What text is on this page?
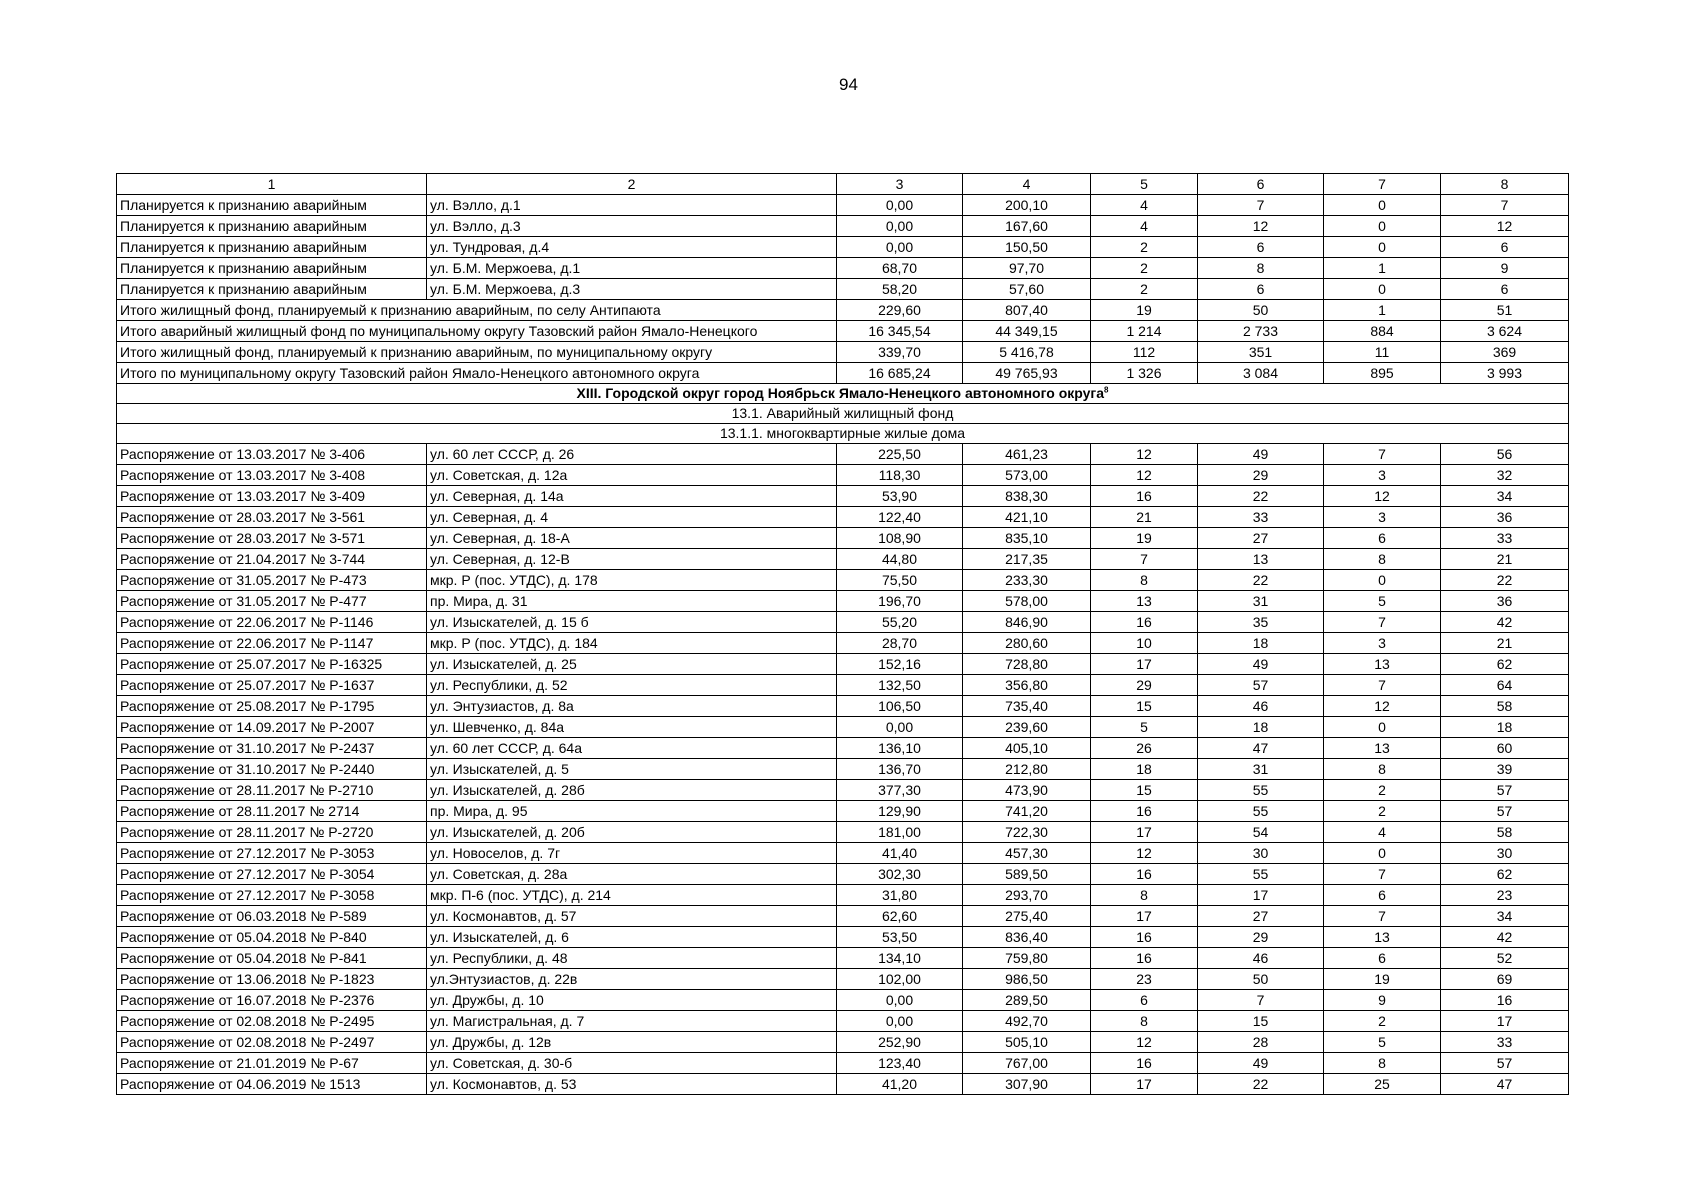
94
1	2	3	4	5	6	7	8
Планируется к признанию аварийным	ул. Вэлло, д.1	0,00	200,10	4	7	0	7
Планируется к признанию аварийным	ул. Вэлло, д.3	0,00	167,60	4	12	0	12
Планируется к признанию аварийным	ул. Тундровая, д.4	0,00	150,50	2	6	0	6
Планируется к признанию аварийным	ул. Б.М. Мержоева, д.1	68,70	97,70	2	8	1	9
Планируется к признанию аварийным	ул. Б.М. Мержоева, д.3	58,20	57,60	2	6	0	6
Итого жилищный фонд, планируемый к признанию аварийным, по селу Антипаюта		229,60	807,40	19	50	1	51
Итого аварийный жилищный фонд по муниципальному округу Тазовский район Ямало-Ненецкого		16 345,54	44 349,15	1 214	2 733	884	3 624
Итого жилищный фонд, планируемый к признанию аварийным, по муниципальному округу		339,70	5 416,78	112	351	11	369
Итого по муниципальному округу Тазовский район Ямало-Ненецкого автономного округа		16 685,24	49 765,93	1 326	3 084	895	3 993
XIII. Городской округ город Ноябрьск Ямало-Ненецкого автономного округа$^8$
13.1. Аварийный жилищный фонд							
13.1.1. многоквартирные жилые дома							
Распоряжение от 13.03.2017 № 3-406	ул. 60 лет СССР, д. 26	225,50	461,23	12	49	7	56
Распоряжение от 13.03.2017 № 3-408	ул. Советская, д. 12а	118,30	573,00	12	29	3	32
Распоряжение от 13.03.2017 № 3-409	ул. Северная, д. 14а	53,90	838,30	16	22	12	34
Распоряжение от 28.03.2017 № 3-561	ул. Северная, д. 4	122,40	421,10	21	33	3	36
Распоряжение от 28.03.2017 № 3-571	ул. Северная, д. 18-А	108,90	835,10	19	27	6	33
Распоряжение от 21.04.2017 № 3-744	ул. Северная, д. 12-В	44,80	217,35	7	13	8	21
Распоряжение от 31.05.2017 № Р-473	мкр. Р (пос. УТДС), д. 178	75,50	233,30	8	22	0	22
Распоряжение от 31.05.2017 № Р-477	пр. Мира, д. 31	196,70	578,00	13	31	5	36
Распоряжение от 22.06.2017 № Р-1146	ул. Изыскателей, д. 15 б	55,20	846,90	16	35	7	42
Распоряжение от 22.06.2017 № Р-1147	мкр. Р (пос. УТДС), д. 184	28,70	280,60	10	18	3	21
Распоряжение от 25.07.2017 № Р-16325	ул. Изыскателей, д. 25	152,16	728,80	17	49	13	62
Распоряжение от 25.07.2017 № Р-1637	ул. Республики, д. 52	132,50	356,80	29	57	7	64
Распоряжение от 25.08.2017 № Р-1795	ул. Энтузиастов, д. 8а	106,50	735,40	15	46	12	58
Распоряжение от 14.09.2017 № Р-2007	ул. Шевченко, д. 84а	0,00	239,60	5	18	0	18
Распоряжение от 31.10.2017 № Р-2437	ул. 60 лет СССР, д. 64а	136,10	405,10	26	47	13	60
Распоряжение от 31.10.2017 № Р-2440	ул. Изыскателей, д. 5	136,70	212,80	18	31	8	39
Распоряжение от 28.11.2017 № Р-2710	ул. Изыскателей, д. 28б	377,30	473,90	15	55	2	57
Распоряжение от 28.11.2017 № 2714	пр. Мира, д. 95	129,90	741,20	16	55	2	57
Распоряжение от 28.11.2017 № Р-2720	ул. Изыскателей, д. 20б	181,00	722,30	17	54	4	58
Распоряжение от 27.12.2017 № Р-3053	ул. Новоселов, д. 7г	41,40	457,30	12	30	0	30
Распоряжение от 27.12.2017 № Р-3054	ул. Советская, д. 28а	302,30	589,50	16	55	7	62
Распоряжение от 27.12.2017 № Р-3058	мкр. П-6 (пос. УТДС), д. 214	31,80	293,70	8	17	6	23
Распоряжение от 06.03.2018 № Р-589	ул. Космонавтов, д. 57	62,60	275,40	17	27	7	34
Распоряжение от 05.04.2018 № Р-840	ул. Изыскателей, д. 6	53,50	836,40	16	29	13	42
Распоряжение от 05.04.2018 № Р-841	ул. Республики, д. 48	134,10	759,80	16	46	6	52
Распоряжение от 13.06.2018 № Р-1823	ул.Энтузиастов, д. 22в	102,00	986,50	23	50	19	69
Распоряжение от 16.07.2018 № Р-2376	ул. Дружбы, д. 10	0,00	289,50	6	7	9	16
Распоряжение от 02.08.2018 № Р-2495	ул. Магистральная, д. 7	0,00	492,70	8	15	2	17
Распоряжение от 02.08.2018 № Р-2497	ул. Дружбы, д. 12в	252,90	505,10	12	28	5	33
Распоряжение от 21.01.2019 № Р-67	ул. Советская, д. 30-б	123,40	767,00	16	49	8	57
Распоряжение от 04.06.2019 № 1513	ул. Космонавтов, д. 53	41,20	307,90	17	22	25	47
